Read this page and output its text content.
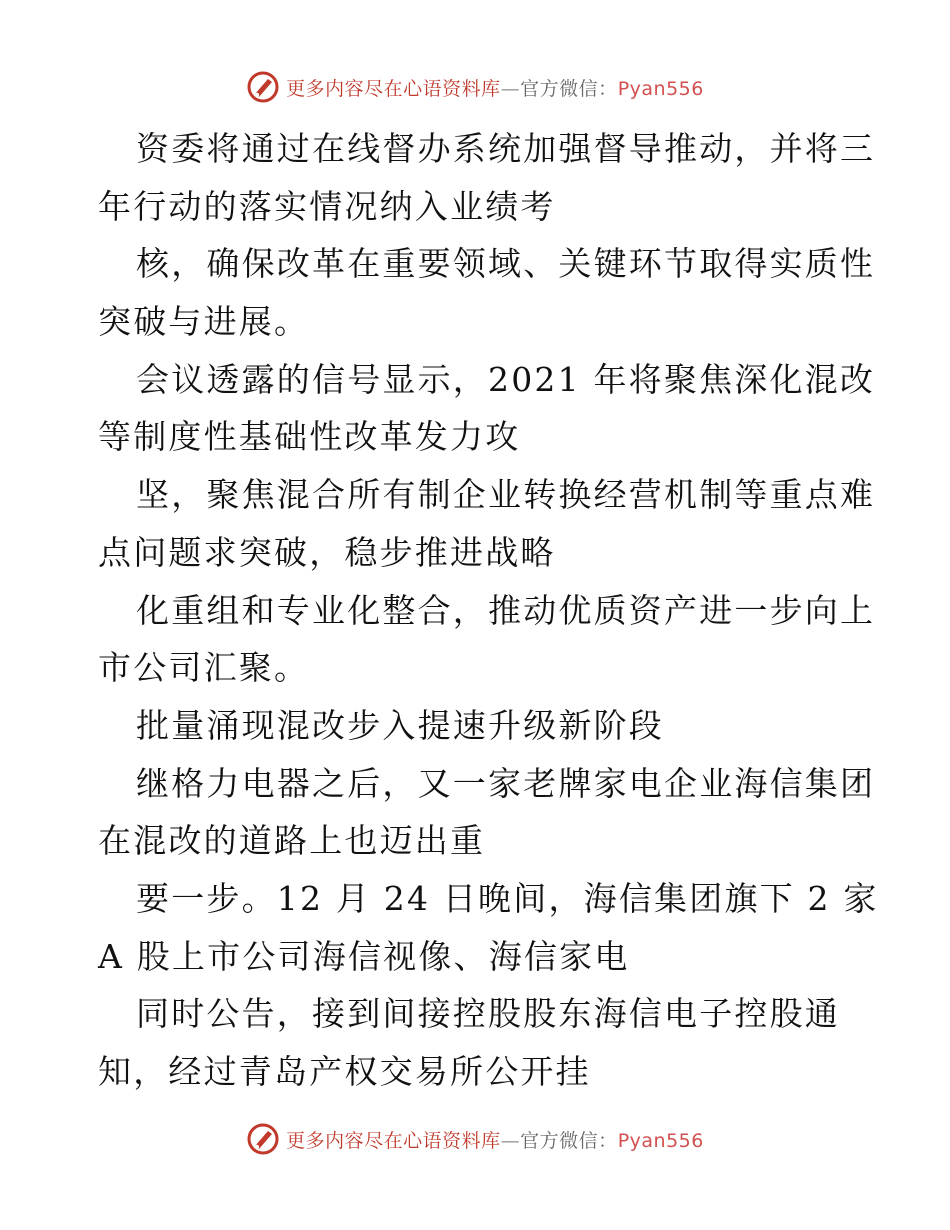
更多内容尽在心语资料库—官方微信：Pyan556
资委将通过在线督办系统加强督导推动，并将三
年行动的落实情况纳入业绩考
核，确保改革在重要领域、关键环节取得实质性
突破与进展。
会议透露的信号显示，2021 年将聚焦深化混改
等制度性基础性改革发力攻
坚，聚焦混合所有制企业转换经营机制等重点难
点问题求突破，稳步推进战略
化重组和专业化整合，推动优质资产进一步向上
市公司汇聚。
批量涌现混改步入提速升级新阶段
继格力电器之后，又一家老牌家电企业海信集团
在混改的道路上也迈出重
要一步。12 月 24 日晚间，海信集团旗下 2 家
A 股上市公司海信视像、海信家电
同时公告，接到间接控股股东海信电子控股通
知，经过青岛产权交易所公开挂
更多内容尽在心语资料库—官方微信：Pyan556
